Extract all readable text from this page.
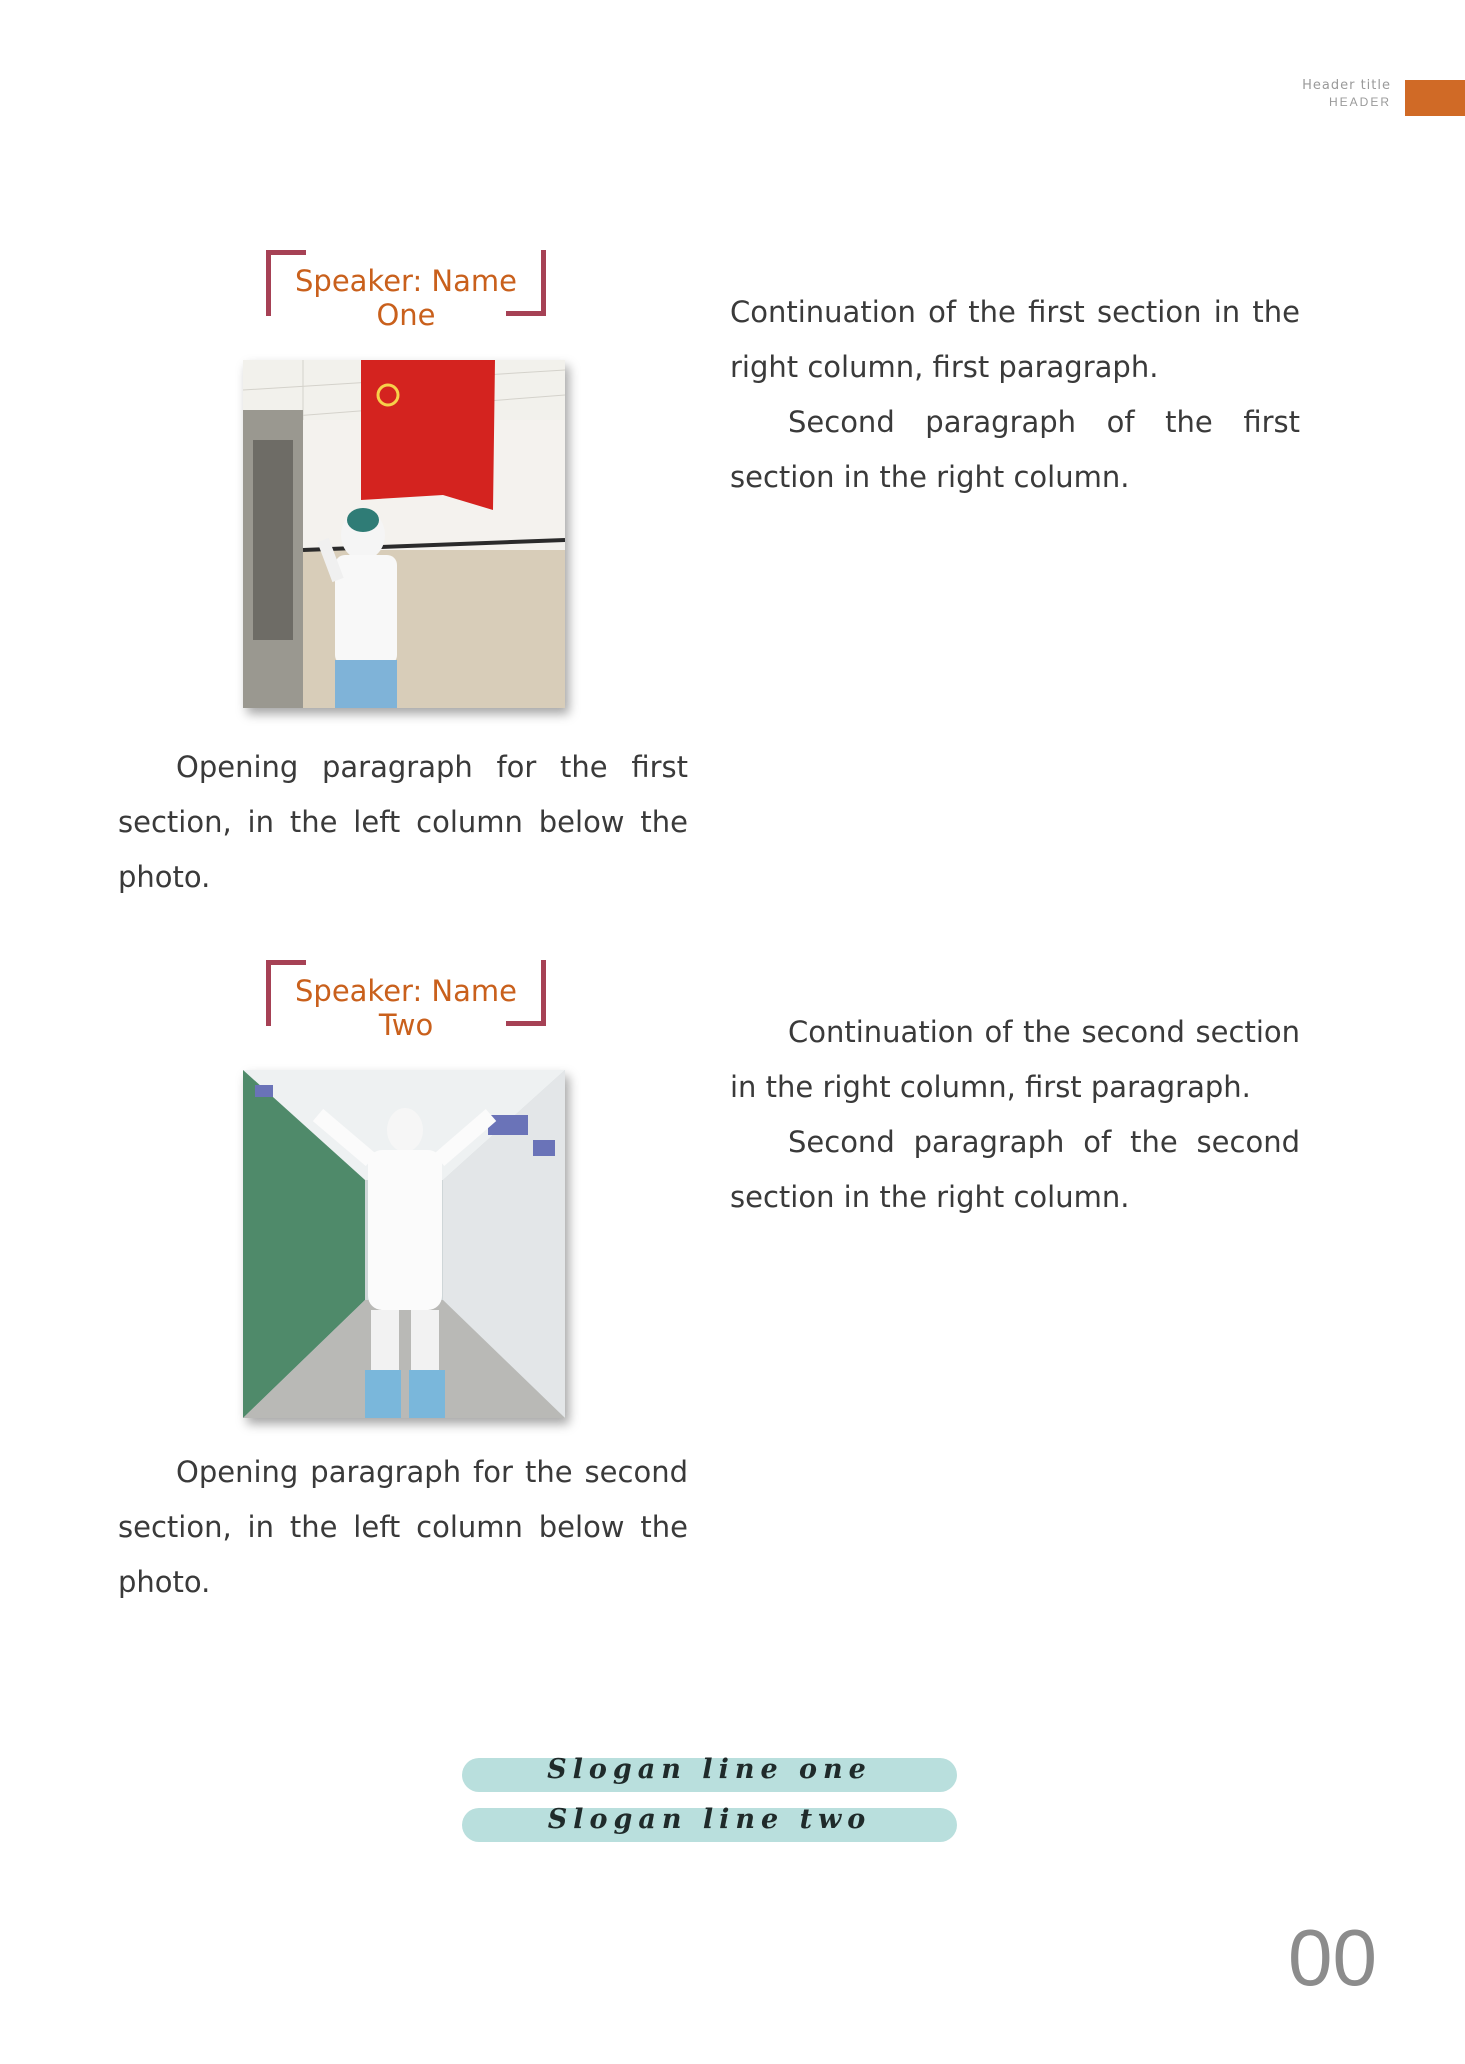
Header title
HEADER
Speaker: Name One

Opening paragraph for the first section, in the left column below the photo.

Continuation of the first section in the right column, first paragraph.

Second paragraph of the first section in the right column.

Speaker: Name Two

Opening paragraph for the second section, in the left column below the photo.

Continuation of the second section in the right column, first paragraph.

Second paragraph of the second section in the right column.

Slogan line one
Slogan line two
00
